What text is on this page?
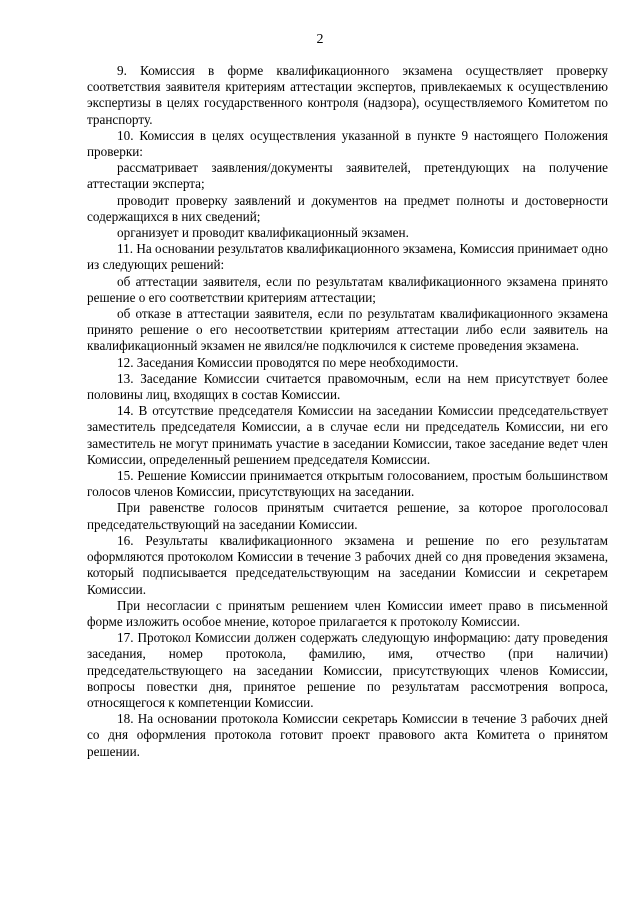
2

9. Комиссия в форме квалификационного экзамена осуществляет проверку соответствия заявителя критериям аттестации экспертов, привлекаемых к осуществлению экспертизы в целях государственного контроля (надзора), осуществляемого Комитетом по транспорту.

10. Комиссия в целях осуществления указанной в пункте 9 настоящего Положения проверки:

рассматривает заявления/документы заявителей, претендующих на получение аттестации эксперта;

проводит проверку заявлений и документов на предмет полноты и достоверности содержащихся в них сведений;

организует и проводит квалификационный экзамен.

11. На основании результатов квалификационного экзамена, Комиссия принимает одно из следующих решений:

об аттестации заявителя, если по результатам квалификационного экзамена принято решение о его соответствии критериям аттестации;

об отказе в аттестации заявителя, если по результатам квалификационного экзамена принято решение о его несоответствии критериям аттестации либо если заявитель на квалификационный экзамен не явился/не подключился к системе проведения экзамена.

12. Заседания Комиссии проводятся по мере необходимости.

13. Заседание Комиссии считается правомочным, если на нем присутствует более половины лиц, входящих в состав Комиссии.

14. В отсутствие председателя Комиссии на заседании Комиссии председательствует заместитель председателя Комиссии, а в случае если ни председатель Комиссии, ни его заместитель не могут принимать участие в заседании Комиссии, такое заседание ведет член Комиссии, определенный решением председателя Комиссии.

15. Решение Комиссии принимается открытым голосованием, простым большинством голосов членов Комиссии, присутствующих на заседании.

При равенстве голосов принятым считается решение, за которое проголосовал председательствующий на заседании Комиссии.

16. Результаты квалификационного экзамена и решение по его результатам оформляются протоколом Комиссии в течение 3 рабочих дней со дня проведения экзамена, который подписывается председательствующим на заседании Комиссии и секретарем Комиссии.

При несогласии с принятым решением член Комиссии имеет право в письменной форме изложить особое мнение, которое прилагается к протоколу Комиссии.

17. Протокол Комиссии должен содержать следующую информацию: дату проведения заседания, номер протокола, фамилию, имя, отчество (при наличии) председательствующего на заседании Комиссии, присутствующих членов Комиссии, вопросы повестки дня, принятое решение по результатам рассмотрения вопроса, относящегося к компетенции Комиссии.

18. На основании протокола Комиссии секретарь Комиссии в течение 3 рабочих дней со дня оформления протокола готовит проект правового акта Комитета о принятом решении.
